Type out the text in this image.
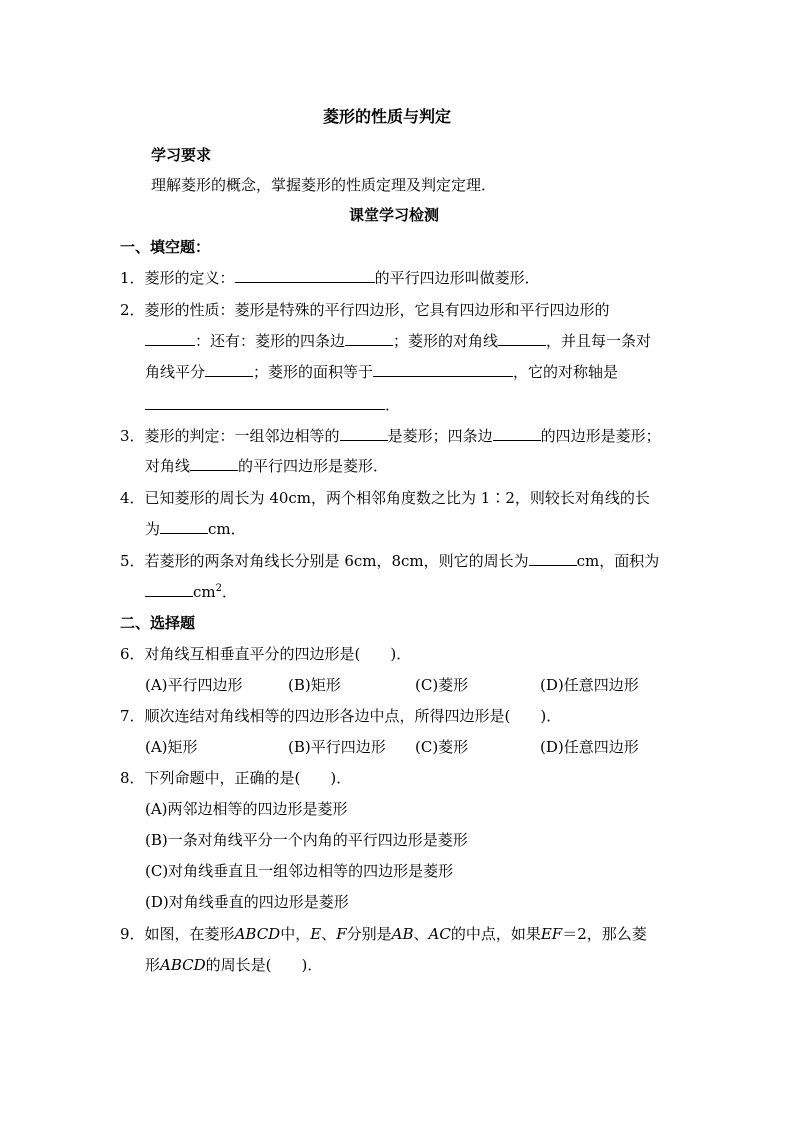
菱形的性质与判定
学习要求
理解菱形的概念，掌握菱形的性质定理及判定定理．
课堂学习检测
一、填空题：
1．菱形的定义：	的平行四边形叫做菱形．
2．菱形的性质：菱形是特殊的平行四边形，它具有四边形和平行四边形的
：还有：菱形的四条边	；菱形的对角线	，并且每一条对
角线平分	；菱形的面积等于	，它的对称轴是
．
3．菱形的判定：一组邻边相等的	是菱形；四条边	的四边形是菱形；
对角线	的平行四边形是菱形．
4．已知菱形的周长为 40cm，两个相邻角度数之比为 1∶2，则较长对角线的长
为	cm．
5．若菱形的两条对角线长分别是 6cm，8cm，则它的周长为	cm，面积为
$cm^2$．
二、选择题
6．对角线互相垂直平分的四边形是(　　)．
(A)平行四边形	(B)矩形	(C)菱形	(D)任意四边形
7．顺次连结对角线相等的四边形各边中点，所得四边形是(　　)．
(A)矩形	(B)平行四边形 (C)菱形	(D)任意四边形
8．下列命题中，正确的是(　　)．
(A)两邻边相等的四边形是菱形
(B)一条对角线平分一个内角的平行四边形是菱形
(C)对角线垂直且一组邻边相等的四边形是菱形
(D)对角线垂直的四边形是菱形
9．如图，在菱形ABCD中，E、F分别是AB、AC的中点，如果EF＝2，那么菱
形ABCD的周长是(　　)．
